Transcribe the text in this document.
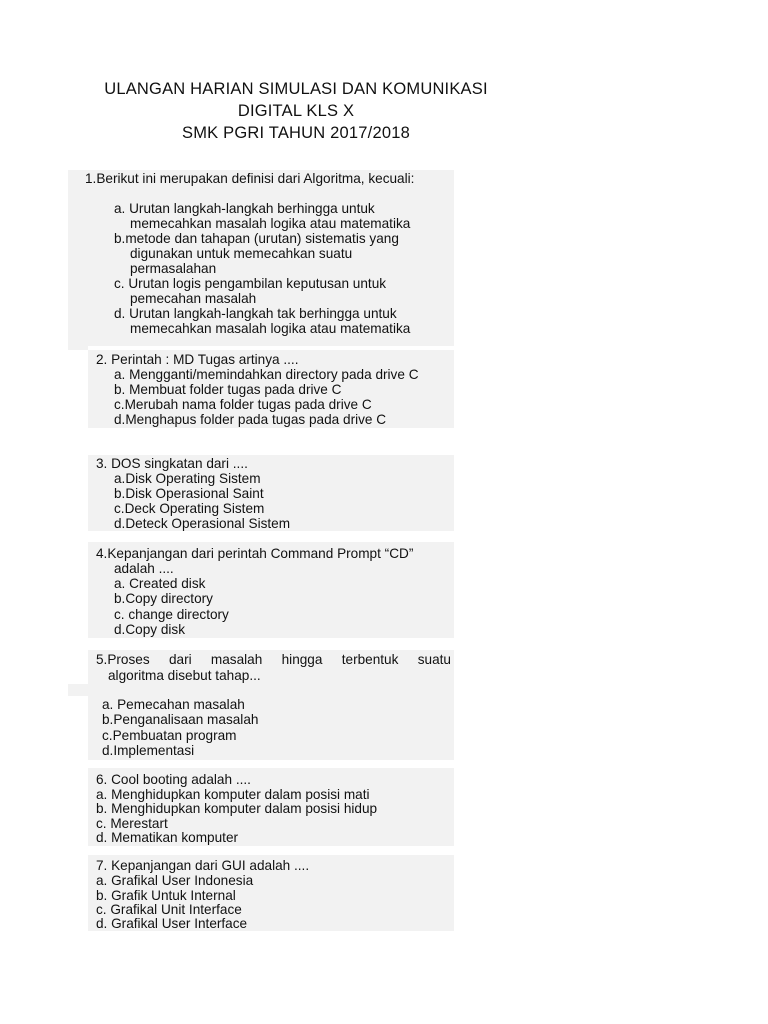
ULANGAN HARIAN SIMULASI DAN KOMUNIKASI
DIGITAL KLS X
SMK PGRI TAHUN 2017/2018
1.Berikut ini merupakan definisi dari Algoritma, kecuali:
a. Urutan langkah-langkah berhingga untuk
memecahkan masalah logika atau matematika
b.metode dan tahapan (urutan) sistematis yang
digunakan untuk memecahkan suatu
permasalahan
c. Urutan logis pengambilan keputusan untuk
pemecahan masalah
d. Urutan langkah-langkah tak berhingga untuk
memecahkan masalah logika atau matematika
2. Perintah : MD Tugas artinya ....
a. Mengganti/memindahkan directory pada drive C
b. Membuat folder tugas pada drive C
c.Merubah nama folder tugas pada drive C
d.Menghapus folder pada tugas pada drive C
3. DOS singkatan dari ....
a.Disk Operating Sistem
b.Disk Operasional Saint
c.Deck Operating Sistem
d.Deteck Operasional Sistem
4.Kepanjangan dari perintah Command Prompt “CD”
adalah ....
a. Created disk
b.Copy directory
c. change directory
d.Copy disk
5.Proses dari masalah hingga terbentuk suatu
algoritma disebut tahap...
a. Pemecahan masalah
b.Penganalisaan masalah
c.Pembuatan program
d.Implementasi
6. Cool booting adalah ....
a. Menghidupkan komputer dalam posisi mati
b. Menghidupkan komputer dalam posisi hidup
c. Merestart
d. Mematikan komputer
7. Kepanjangan dari GUI adalah ....
a. Grafikal User Indonesia
b. Grafik Untuk Internal
c. Grafikal Unit Interface
d. Grafikal User Interface
